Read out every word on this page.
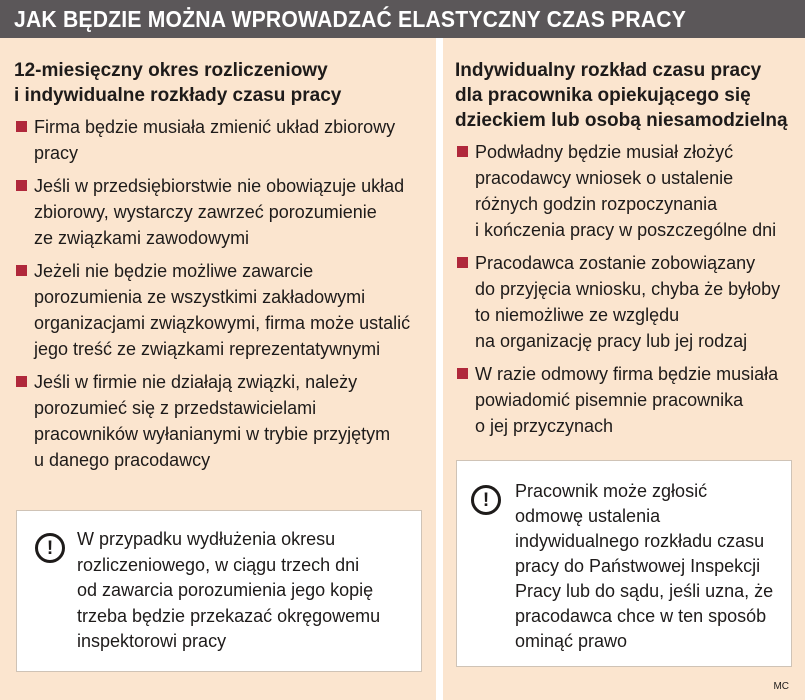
JAK BĘDZIE MOŻNA WPROWADZAĆ ELASTYCZNY CZAS PRACY
12-miesięczny okres rozliczeniowy
i indywidualne rozkłady czasu pracy
Firma będzie musiała zmienić układ zbiorowy
pracy
Jeśli w przedsiębiorstwie nie obowiązuje układ
zbiorowy, wystarczy zawrzeć porozumienie
ze związkami zawodowymi
Jeżeli nie będzie możliwe zawarcie
porozumienia ze wszystkimi zakładowymi
organizacjami związkowymi, firma może ustalić
jego treść ze związkami reprezentatywnymi
Jeśli w firmie nie działają związki, należy
porozumieć się z przedstawicielami
pracowników wyłanianymi w trybie przyjętym
u danego pracodawcy
!	W przypadku wydłużenia okresu
rozliczeniowego, w ciągu trzech dni
od zawarcia porozumienia jego kopię
trzeba będzie przekazać okręgowemu
inspektorowi pracy
Indywidualny rozkład czasu pracy
dla pracownika opiekującego się
dzieckiem lub osobą niesamodzielną
Podwładny będzie musiał złożyć
pracodawcy wniosek o ustalenie
różnych godzin rozpoczynania
i kończenia pracy w poszczególne dni
Pracodawca zostanie zobowiązany
do przyjęcia wniosku, chyba że byłoby
to niemożliwe ze względu
na organizację pracy lub jej rodzaj
W razie odmowy firma będzie musiała
powiadomić pisemnie pracownika
o jej przyczynach
!	Pracownik może zgłosić
odmowę ustalenia
indywidualnego rozkładu czasu
pracy do Państwowej Inspekcji
Pracy lub do sądu, jeśli uzna, że
pracodawca chce w ten sposób
ominąć prawo
MC
